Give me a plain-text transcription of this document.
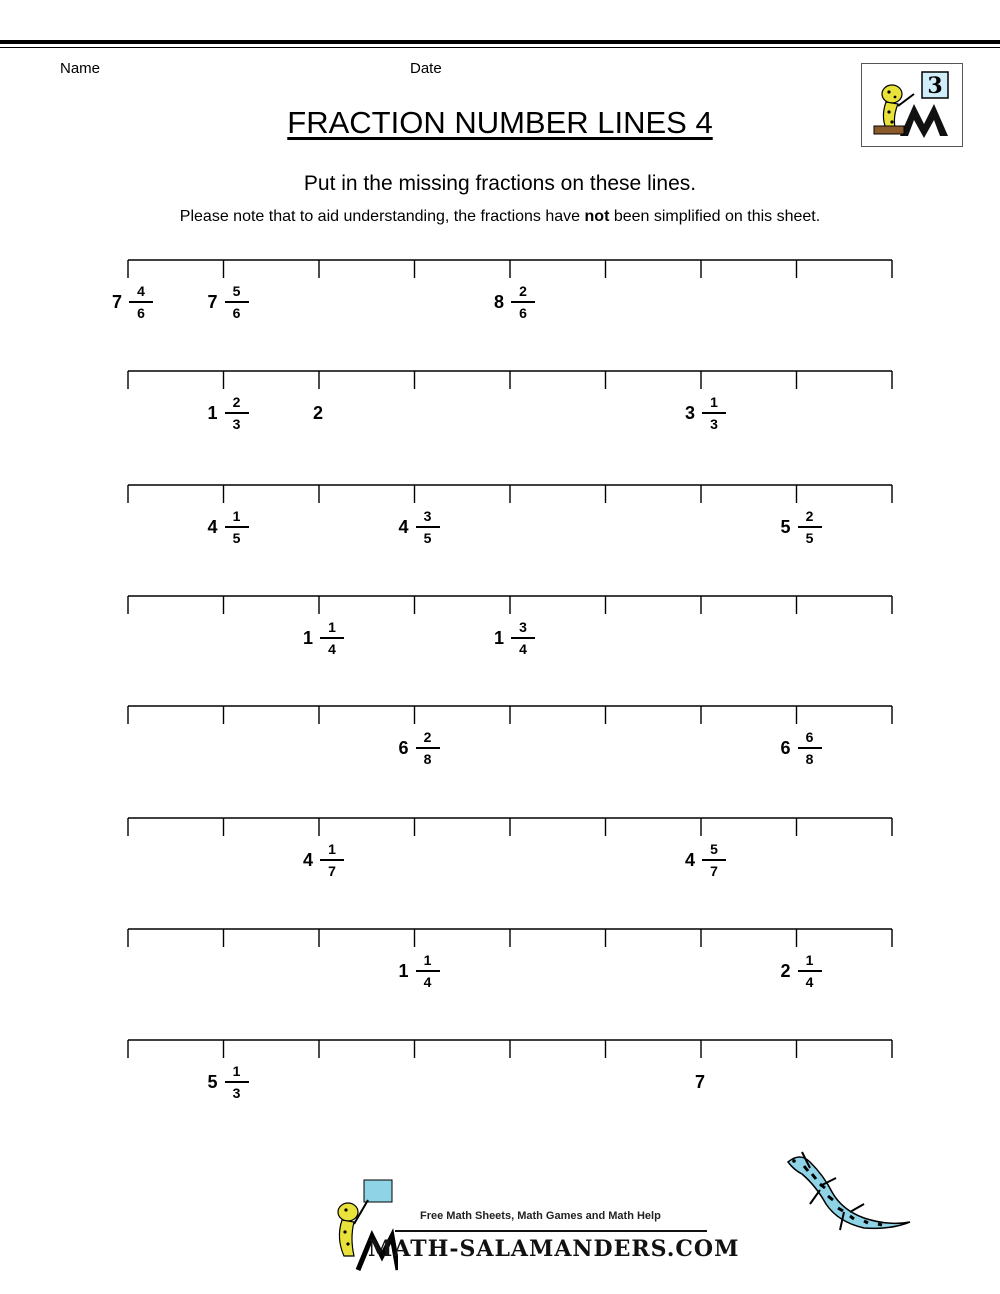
Name	Date
3
FRACTION NUMBER LINES 4
Put in the missing fractions on these lines.
Please note that to aid understanding, the fractions have not been simplified on this sheet.
7
4
6
7
5
6
8
2
6
1
2
3
2	3
1
3
4
1
5
4
3
5
5
2
5
1
1
4
1
3
4
6
2
8
6
6
8
4
1
7
4
5
7
1
1
4
2
1
4
5
1
3
7
Free Math Sheets, Math Games and Math Help
MATH-SALAMANDERS.COM
